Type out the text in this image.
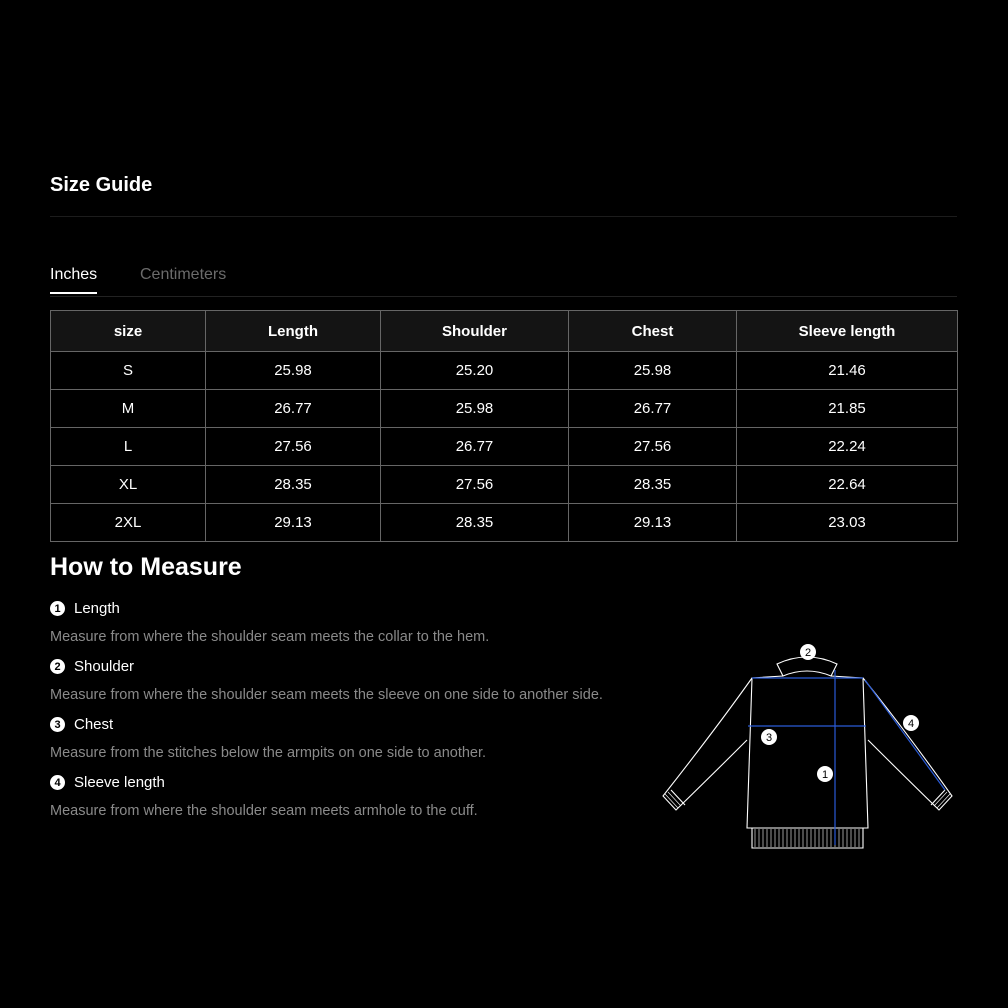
Size Guide
Inches	Centimeters
size	Length	Shoulder	Chest	Sleeve length
S	25.98	25.20	25.98	21.46
M	26.77	25.98	26.77	21.85
L	27.56	26.77	27.56	22.24
XL	28.35	27.56	28.35	22.64
2XL	29.13	28.35	29.13	23.03
How to Measure
1 Length
Measure from where the shoulder seam meets the collar to the hem.
2 Shoulder
Measure from where the shoulder seam meets the sleeve on one side to another side.
3 Chest
Measure from the stitches below the armpits on one side to another.
4 Sleeve length
Measure from where the shoulder seam meets armhole to the cuff.
1
2
3
4
